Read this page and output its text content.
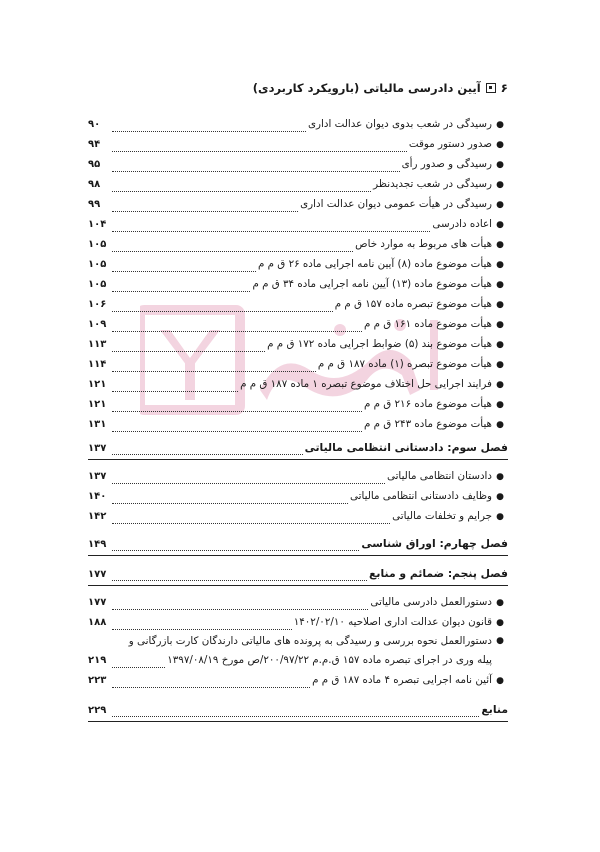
۶
آیین دادرسی مالیاتی (بارویکرد کاربردی)
●
رسیدگی در شعب بدوی دیوان عدالت اداری
۹۰
●
صدور دستور موقت
۹۴
●
رسیدگی و صدور رأی
۹۵
●
رسیدگی در شعب تجدیدنظر
۹۸
●
رسیدگی در هیأت عمومی دیوان عدالت اداری
۹۹
●
اعاده دادرسی
۱۰۴
●
هیأت های مربوط به موارد خاص
۱۰۵
●
هیأت موضوع ماده (۸) آیین نامه اجرایی ماده ۲۶ ق م م
۱۰۵
●
هیأت موضوع ماده (۱۳) آیین نامه اجرایی ماده ۳۴ ق م م
۱۰۵
●
هیأت موضوع تبصره ماده ۱۵۷ ق م م
۱۰۶
●
هیأت موضوع ماده ۱۶۱ ق م م
۱۰۹
●
هیأت موضوع بند (۵) ضوابط اجرایی ماده ۱۷۲ ق م م
۱۱۳
●
هیأت موضوع تبصره (۱) ماده ۱۸۷ ق م م
۱۱۴
●
فرایند اجرایی حل اختلاف موضوع تبصره ۱ ماده ۱۸۷ ق م م
۱۲۱
●
هیأت موضوع ماده ۲۱۶ ق م م
۱۲۱
●
هیأت موضوع ماده ۲۴۳ ق م م
۱۳۱
فصل سوم: دادستانی انتظامی مالیاتی
۱۳۷
●
دادستان انتظامی مالیاتی
۱۳۷
●
وظایف دادستانی انتظامی مالیاتی
۱۴۰
●
جرایم و تخلفات مالیاتی
۱۴۲
فصل چهارم: اوراق شناسی
۱۴۹
فصل پنجم: ضمائم و منابع
۱۷۷
●
دستورالعمل دادرسی مالیاتی
۱۷۷
●
قانون دیوان عدالت اداری اصلاحیه ۱۴۰۲/۰۲/۱۰
۱۸۸
●
دستورالعمل نحوه بررسی و رسیدگی به پرونده های مالیاتی دارندگان کارت بازرگانی و
پیله وری در اجرای تبصره ماده ۱۵۷ ق.م.م ۲۰۰/۹۷/۲۲/ص مورخ ۱۳۹۷/۰۸/۱۹
۲۱۹
●
آئین نامه اجرایی تبصره ۴ ماده ۱۸۷ ق م م
۲۲۳
منابع
۲۲۹
